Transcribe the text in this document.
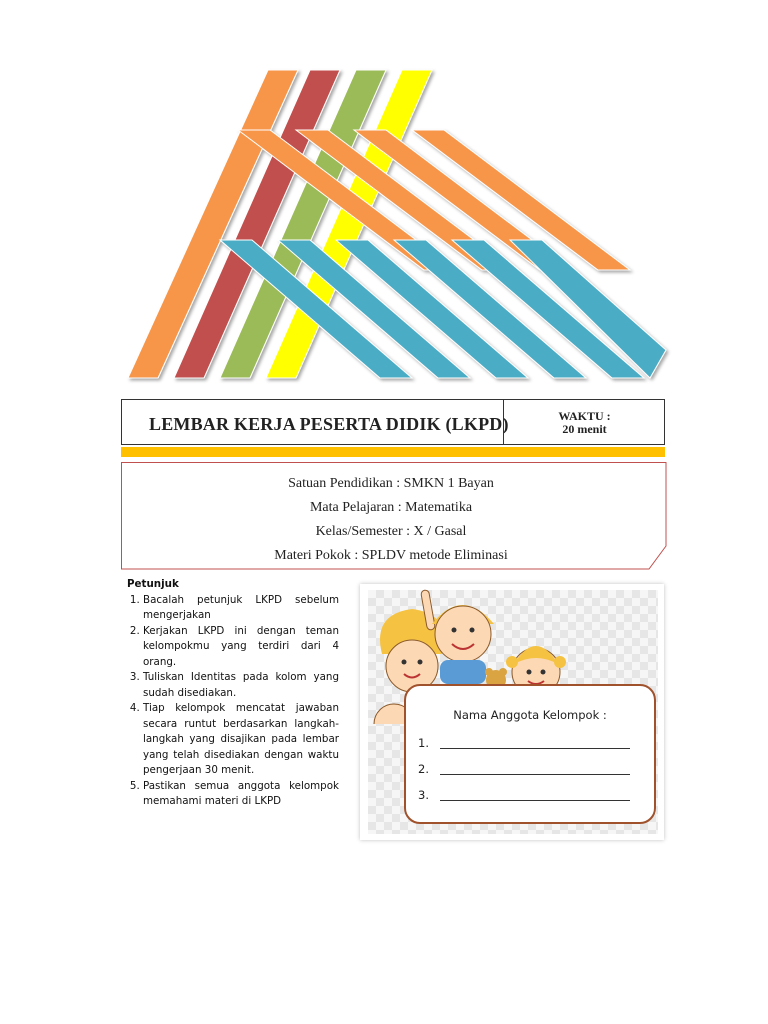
LEMBAR KERJA PESERTA DIDIK (LKPD)	WAKTU :
20 menit
Satuan Pendidikan : SMKN 1 Bayan
Mata Pelajaran : Matematika
Kelas/Semester : X / Gasal
Materi Pokok : SPLDV metode Eliminasi
Petunjuk
1. Bacalah petunjuk LKPD sebelum mengerjakan
2. Kerjakan LKPD ini dengan teman kelompokmu yang terdiri dari 4 orang.
3. Tuliskan Identitas pada kolom yang sudah disediakan.
4. Tiap kelompok mencatat jawaban secara runtut berdasarkan langkah-langkah yang disajikan pada lembar yang telah disediakan dengan waktu pengerjaan 30 menit.
5. Pastikan semua anggota kelompok memahami materi di LKPD
Nama Anggota Kelompok :
1.
2.
3.
